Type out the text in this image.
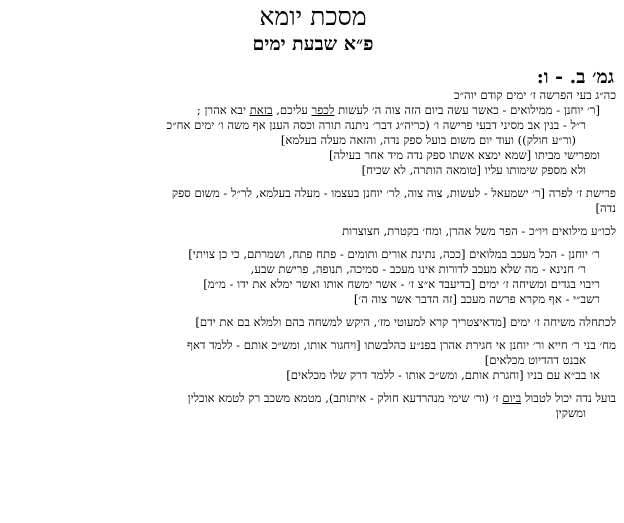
מסכת יומא
פ״א שבעת ימים
גמ׳ ב. - ו:
כה״ג בעי הפרשה ז׳ ימים קודם יוה״כ
[ר׳ יוחנן - ממילואים - כאשר עשה ביום הזה צוה ה׳ לעשות לכפר עליכם, בזאת יבא אהרן ;
ר״ל - בנין אב מסיני דבעי פרישה ו׳ (כריה״ג דבר׳ ניתנה תורה וכסה הענן אף משה ו׳ ימים אח״כ
(ור״ע חולק)) ועוד יום משום בועל ספק נדה, והזאה מעלה בעלמא]
ומפרישי מביתו [שמא ימצא אשתו ספק נדה מיד אחר בעילה]
ולא מספק שימותו עליו [טומאה הותרה, לא שכיח]
פרישת ז׳ לפרה [ר׳ ישמעאל - לעשות, צוה צוה, לר׳ יוחנן בעצמו - מעלה בעלמא, לר״ל - משום ספק
נדה]
לכו״ע מילואים ויו״כ - הפר משל אהרן, ומח׳ בקטרת, חצוצרות
ר׳ יוחנן - הכל מעכב במלואים [ככה, נתינת אורים ותומים - פתח פתח, ושמרתם, כי כן צויתי]
ר׳ חנינא - מה שלא מעכב לדורות אינו מעכב - סמיכה, תנופה, פרישת שבע,
ריבוי בגדים ומשיחה ז׳ ימים [בדיעבד א״צ ז׳ - אשר ימשח אותו ואשר ימלא את ידו - מ״מ]
רשב״י - אף מקרא פרשה מעכב [זה הדבר אשר צוה ה׳]
לכתחלה משיחה ז׳ ימים [מדאיצטריך קרא למעוטי מז׳, היקש למשחה בהם ולמלא בם את ידם]
מח׳ בני ר׳ חייא ור׳ יוחנן אי חגירת אהרן בפנ״ע כהלבשתו [ויחגור אותו, ומש״כ אותם - ללמד דאף
אבנט דהדיוט מכלאים]
או בב״א עם בניו [וחגרת אותם, ומש״כ אותו - ללמד דרק שלו מכלאים]
בועל נדה יכול לטבול ביום ז׳ (ור׳ שימי מנהרדעא חולק - איתותב), מטמא משכב רק לטמא אוכלין
ומשקין
